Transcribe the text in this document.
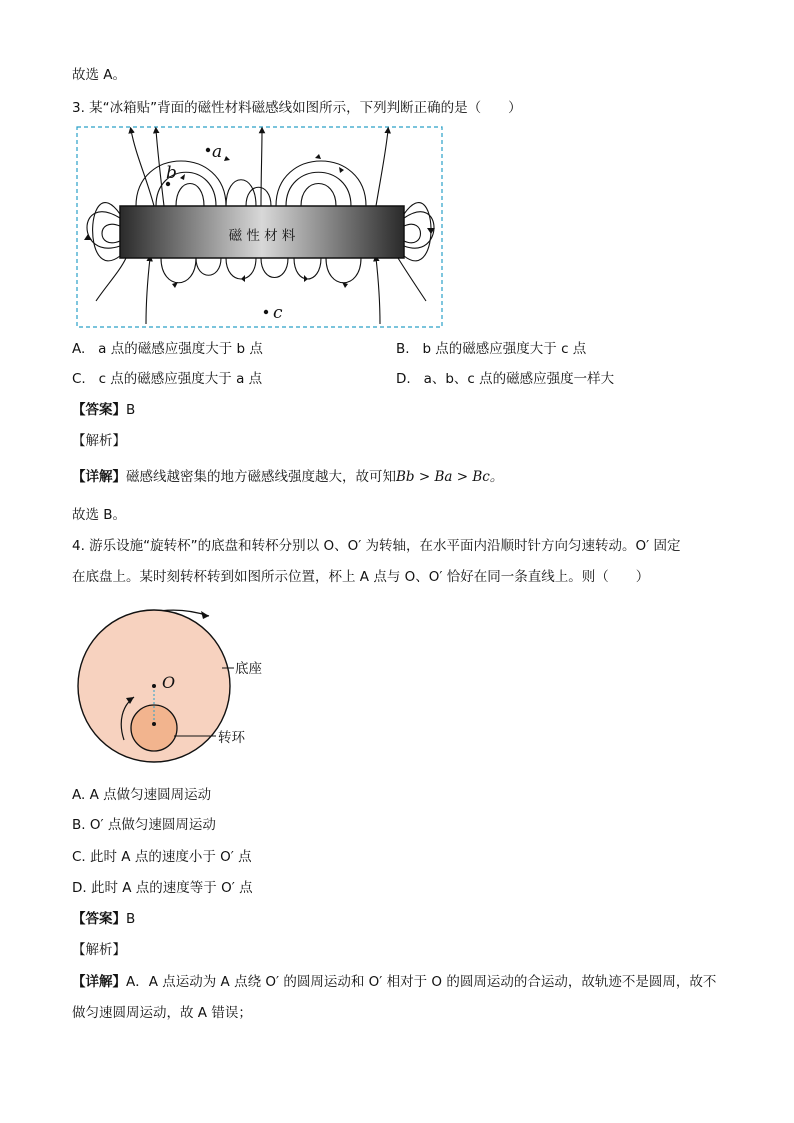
故选 A。
3. 某“冰箱贴”背面的磁性材料磁感线如图所示，下列判断正确的是（　　）
磁 性 材 料
a
b
c
A. a 点的磁感应强度大于 b 点	B. b 点的磁感应强度大于 c 点
C. c 点的磁感应强度大于 a 点	D. a、b、c 点的磁感应强度一样大
【答案】B
【解析】
【详解】磁感线越密集的地方磁感线强度越大，故可知Bb > Ba > Bc。
故选 B。
4. 游乐设施“旋转杯”的底盘和转杯分别以 O、O′ 为转轴，在水平面内沿顺时针方向匀速转动。O′ 固定
在底盘上。某时刻转杯转到如图所示位置，杯上 A 点与 O、O′ 恰好在同一条直线上。则（　　）
O
底座
转环
A. A 点做匀速圆周运动
B. O′ 点做匀速圆周运动
C. 此时 A 点的速度小于 O′ 点
D. 此时 A 点的速度等于 O′ 点
【答案】B
【解析】
【详解】A．A 点运动为 A 点绕 O′ 的圆周运动和 O′ 相对于 O 的圆周运动的合运动，故轨迹不是圆周，故不
做匀速圆周运动，故 A 错误；
